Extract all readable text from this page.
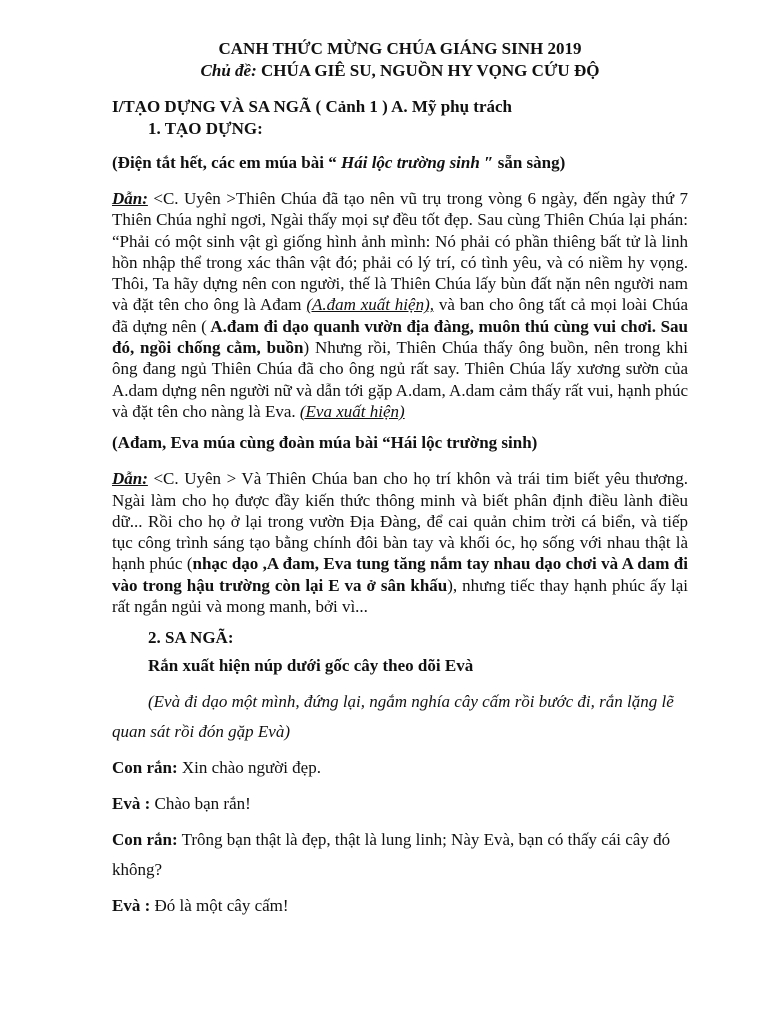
CANH THỨC MỪNG CHÚA GIÁNG SINH 2019

Chủ đề: CHÚA GIÊ SU, NGUỒN HY VỌNG CỨU ĐỘ

I/TẠO DỰNG VÀ SA NGÃ ( Cảnh 1 ) A. Mỹ phụ trách

1. TẠO DỰNG:

(Điện tắt hết, các em múa bài “ Hái lộc trường sinh ″ sẵn sàng)

Dẫn: <C. Uyên >Thiên Chúa đã tạo nên vũ trụ trong vòng 6 ngày, đến ngày thứ 7 Thiên Chúa nghỉ ngơi, Ngài thấy mọi sự đều tốt đẹp. Sau cùng Thiên Chúa lại phán: “Phải có một sinh vật gì giống hình ảnh mình: Nó phải có phần thiêng bất tử là linh hồn nhập thể trong xác thân vật đó; phải có lý trí, có tình yêu, và có niềm hy vọng. Thôi, Ta hãy dựng nên con người, thế là Thiên Chúa lấy bùn đất nặn nên người nam và đặt tên cho ông là Ađam (A.đam xuất hiện), và ban cho ông tất cả mọi loài Chúa đã dựng nên ( A.đam đi dạo quanh vườn địa đàng, muôn thú cùng vui chơi. Sau đó, ngồi chống cằm, buồn) Nhưng rồi, Thiên Chúa thấy ông buồn, nên trong khi ông đang ngủ Thiên Chúa đã cho ông ngủ rất say. Thiên Chúa lấy xương sườn của A.dam dựng nên người nữ và dẫn tới gặp A.dam, A.dam cảm thấy rất vui, hạnh phúc và đặt tên cho nàng là Eva. (Eva xuất hiện)

(Ađam, Eva múa cùng đoàn múa bài “Hái lộc trường sinh)

Dẫn: <C. Uyên > Và Thiên Chúa ban cho họ trí khôn và trái tim biết yêu thương. Ngài làm cho họ được đầy kiến thức thông minh và biết phân định điều lành điều dữ... Rồi cho họ ở lại trong vườn Địa Đàng, để cai quản chim trời cá biển, và tiếp tục công trình sáng tạo bằng chính đôi bàn tay và khối óc, họ sống với nhau thật là hạnh phúc (nhạc dạo ,A đam, Eva tung tăng nắm tay nhau dạo chơi và A dam đi vào trong hậu trường còn lại E va ở sân khấu), nhưng tiếc thay hạnh phúc ấy lại rất ngắn ngủi và mong manh, bởi vì...

2. SA NGÃ:

Rắn xuất hiện núp dưới gốc cây theo dõi Evà

(Evà đi dạo một mình, đứng lại, ngắm nghía cây cấm rồi bước đi, rắn lặng lẽ quan sát rồi đón gặp Evà)

Con rắn: Xin chào người đẹp.

Evà : Chào bạn rắn!

Con rắn: Trông bạn thật là đẹp, thật là lung linh; Này Evà, bạn có thấy cái cây đó không?

Evà : Đó là một cây cấm!
